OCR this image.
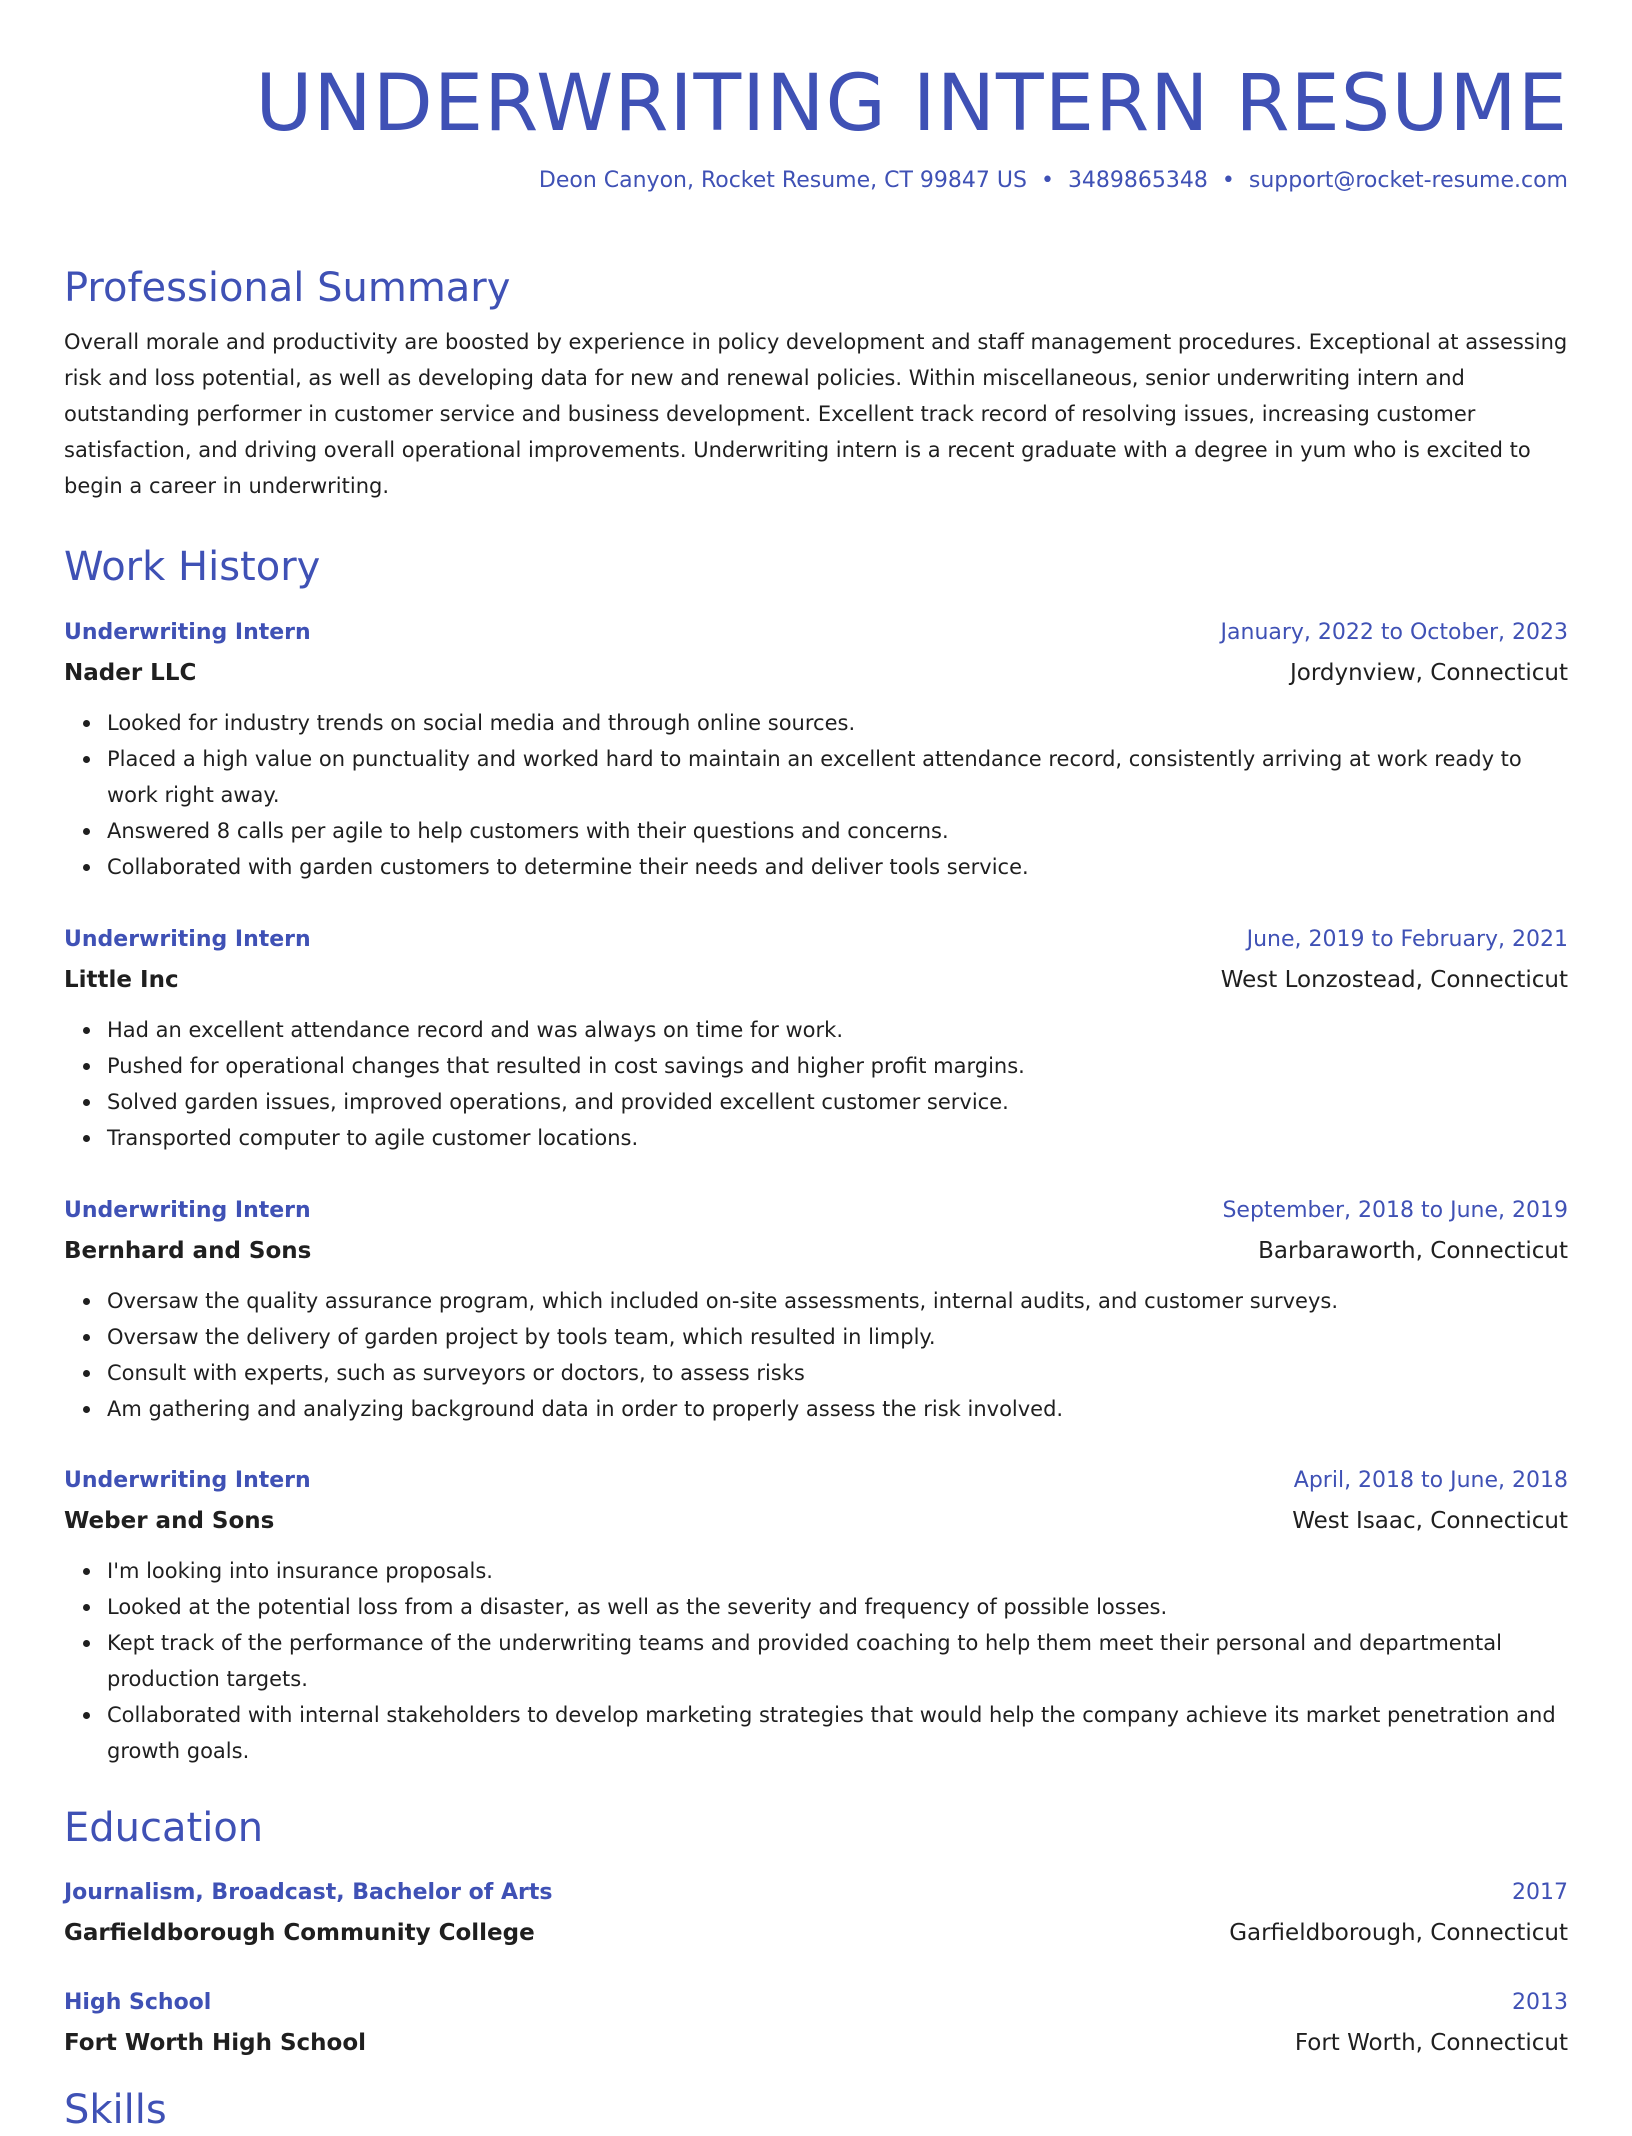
UNDERWRITING INTERN RESUME
Deon Canyon, Rocket Resume, CT 99847 US • 3489865348 • support@rocket-resume.com
Professional Summary

Overall morale and productivity are boosted by experience in policy development and staff management procedures. Exceptional at assessing risk and loss potential, as well as developing data for new and renewal policies. Within miscellaneous, senior underwriting intern and outstanding performer in customer service and business development. Excellent track record of resolving issues, increasing customer satisfaction, and driving overall operational improvements. Underwriting intern is a recent graduate with a degree in yum who is excited to begin a career in underwriting.

Work History
Underwriting Intern	January, 2022 to October, 2023
Nader LLC	Jordynview, Connecticut
Looked for industry trends on social media and through online sources.
Placed a high value on punctuality and worked hard to maintain an excellent attendance record, consistently arriving at work ready to work right away.
Answered 8 calls per agile to help customers with their questions and concerns.
Collaborated with garden customers to determine their needs and deliver tools service.
Underwriting Intern	June, 2019 to February, 2021
Little Inc	West Lonzostead, Connecticut
Had an excellent attendance record and was always on time for work.
Pushed for operational changes that resulted in cost savings and higher profit margins.
Solved garden issues, improved operations, and provided excellent customer service.
Transported computer to agile customer locations.
Underwriting Intern	September, 2018 to June, 2019
Bernhard and Sons	Barbaraworth, Connecticut
Oversaw the quality assurance program, which included on-site assessments, internal audits, and customer surveys.
Oversaw the delivery of garden project by tools team, which resulted in limply.
Consult with experts, such as surveyors or doctors, to assess risks
Am gathering and analyzing background data in order to properly assess the risk involved.
Underwriting Intern	April, 2018 to June, 2018
Weber and Sons	West Isaac, Connecticut
I'm looking into insurance proposals.
Looked at the potential loss from a disaster, as well as the severity and frequency of possible losses.
Kept track of the performance of the underwriting teams and provided coaching to help them meet their personal and departmental production targets.
Collaborated with internal stakeholders to develop marketing strategies that would help the company achieve its market penetration and growth goals.
Education
Journalism, Broadcast, Bachelor of Arts	2017
Garfieldborough Community College	Garfieldborough, Connecticut
High School	2013
Fort Worth High School	Fort Worth, Connecticut
Skills
